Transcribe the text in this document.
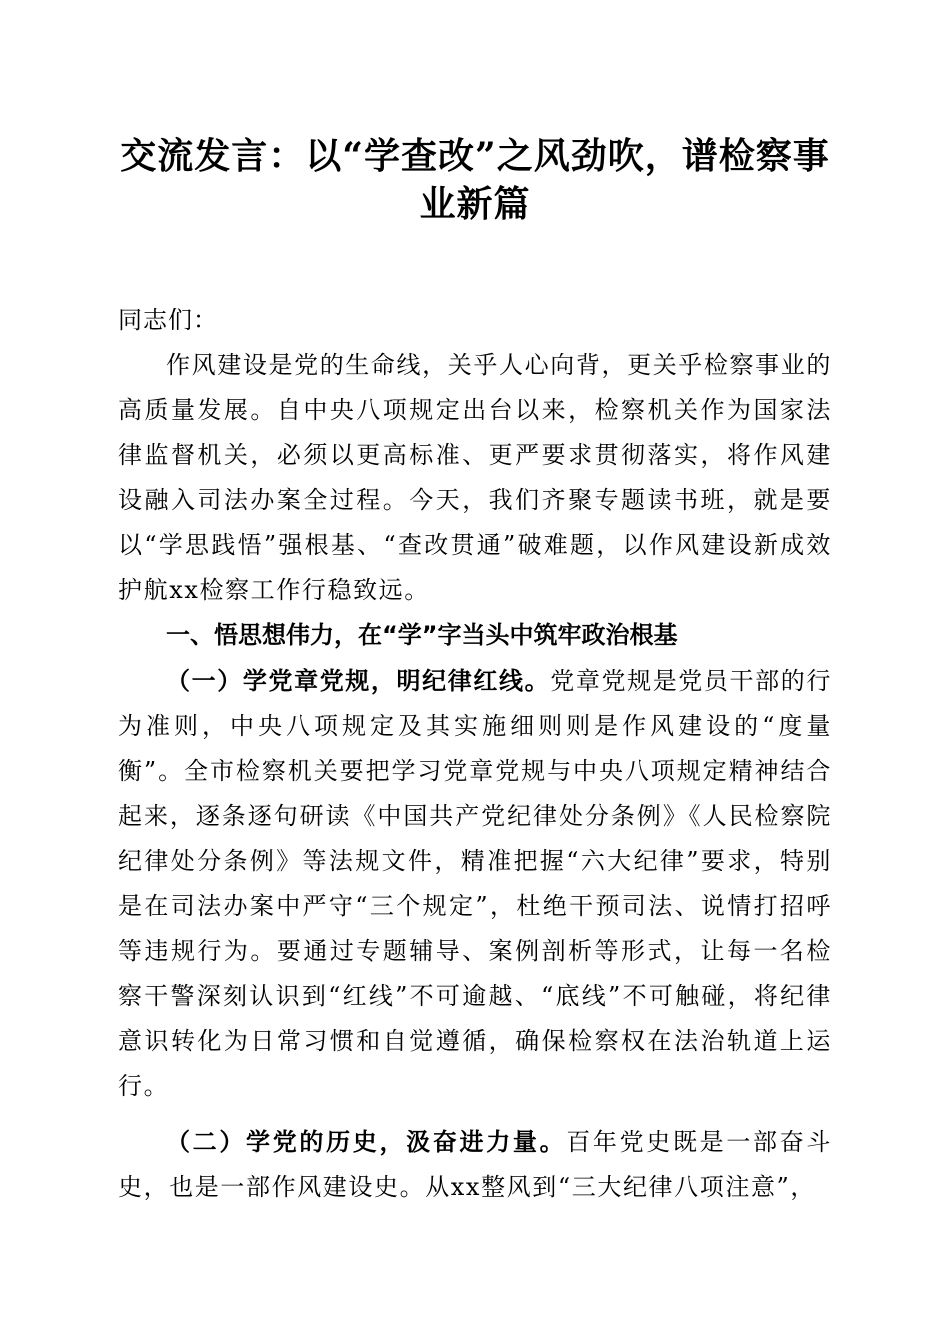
交流发言：以“学查改”之风劲吹，谱检察事业新篇

同志们：

作风建设是党的生命线，关乎人心向背，更关乎检察事业的高质量发展。自中央八项规定出台以来，检察机关作为国家法律监督机关，必须以更高标准、更严要求贯彻落实，将作风建设融入司法办案全过程。今天，我们齐聚专题读书班，就是要以“学思践悟”强根基、“查改贯通”破难题，以作风建设新成效护航xx检察工作行稳致远。

一、悟思想伟力，在“学”字当头中筑牢政治根基

（一）学党章党规，明纪律红线。党章党规是党员干部的行为准则，中央八项规定及其实施细则则是作风建设的“度量衡”。全市检察机关要把学习党章党规与中央八项规定精神结合起来，逐条逐句研读《中国共产党纪律处分条例》《人民检察院纪律处分条例》等法规文件，精准把握“六大纪律”要求，特别是在司法办案中严守“三个规定”，杜绝干预司法、说情打招呼等违规行为。要通过专题辅导、案例剖析等形式，让每一名检察干警深刻认识到“红线”不可逾越、“底线”不可触碰，将纪律意识转化为日常习惯和自觉遵循，确保检察权在法治轨道上运行。

（二）学党的历史，汲奋进力量。百年党史既是一部奋斗史，也是一部作风建设史。从xx整风到“三大纪律八项注意”，
